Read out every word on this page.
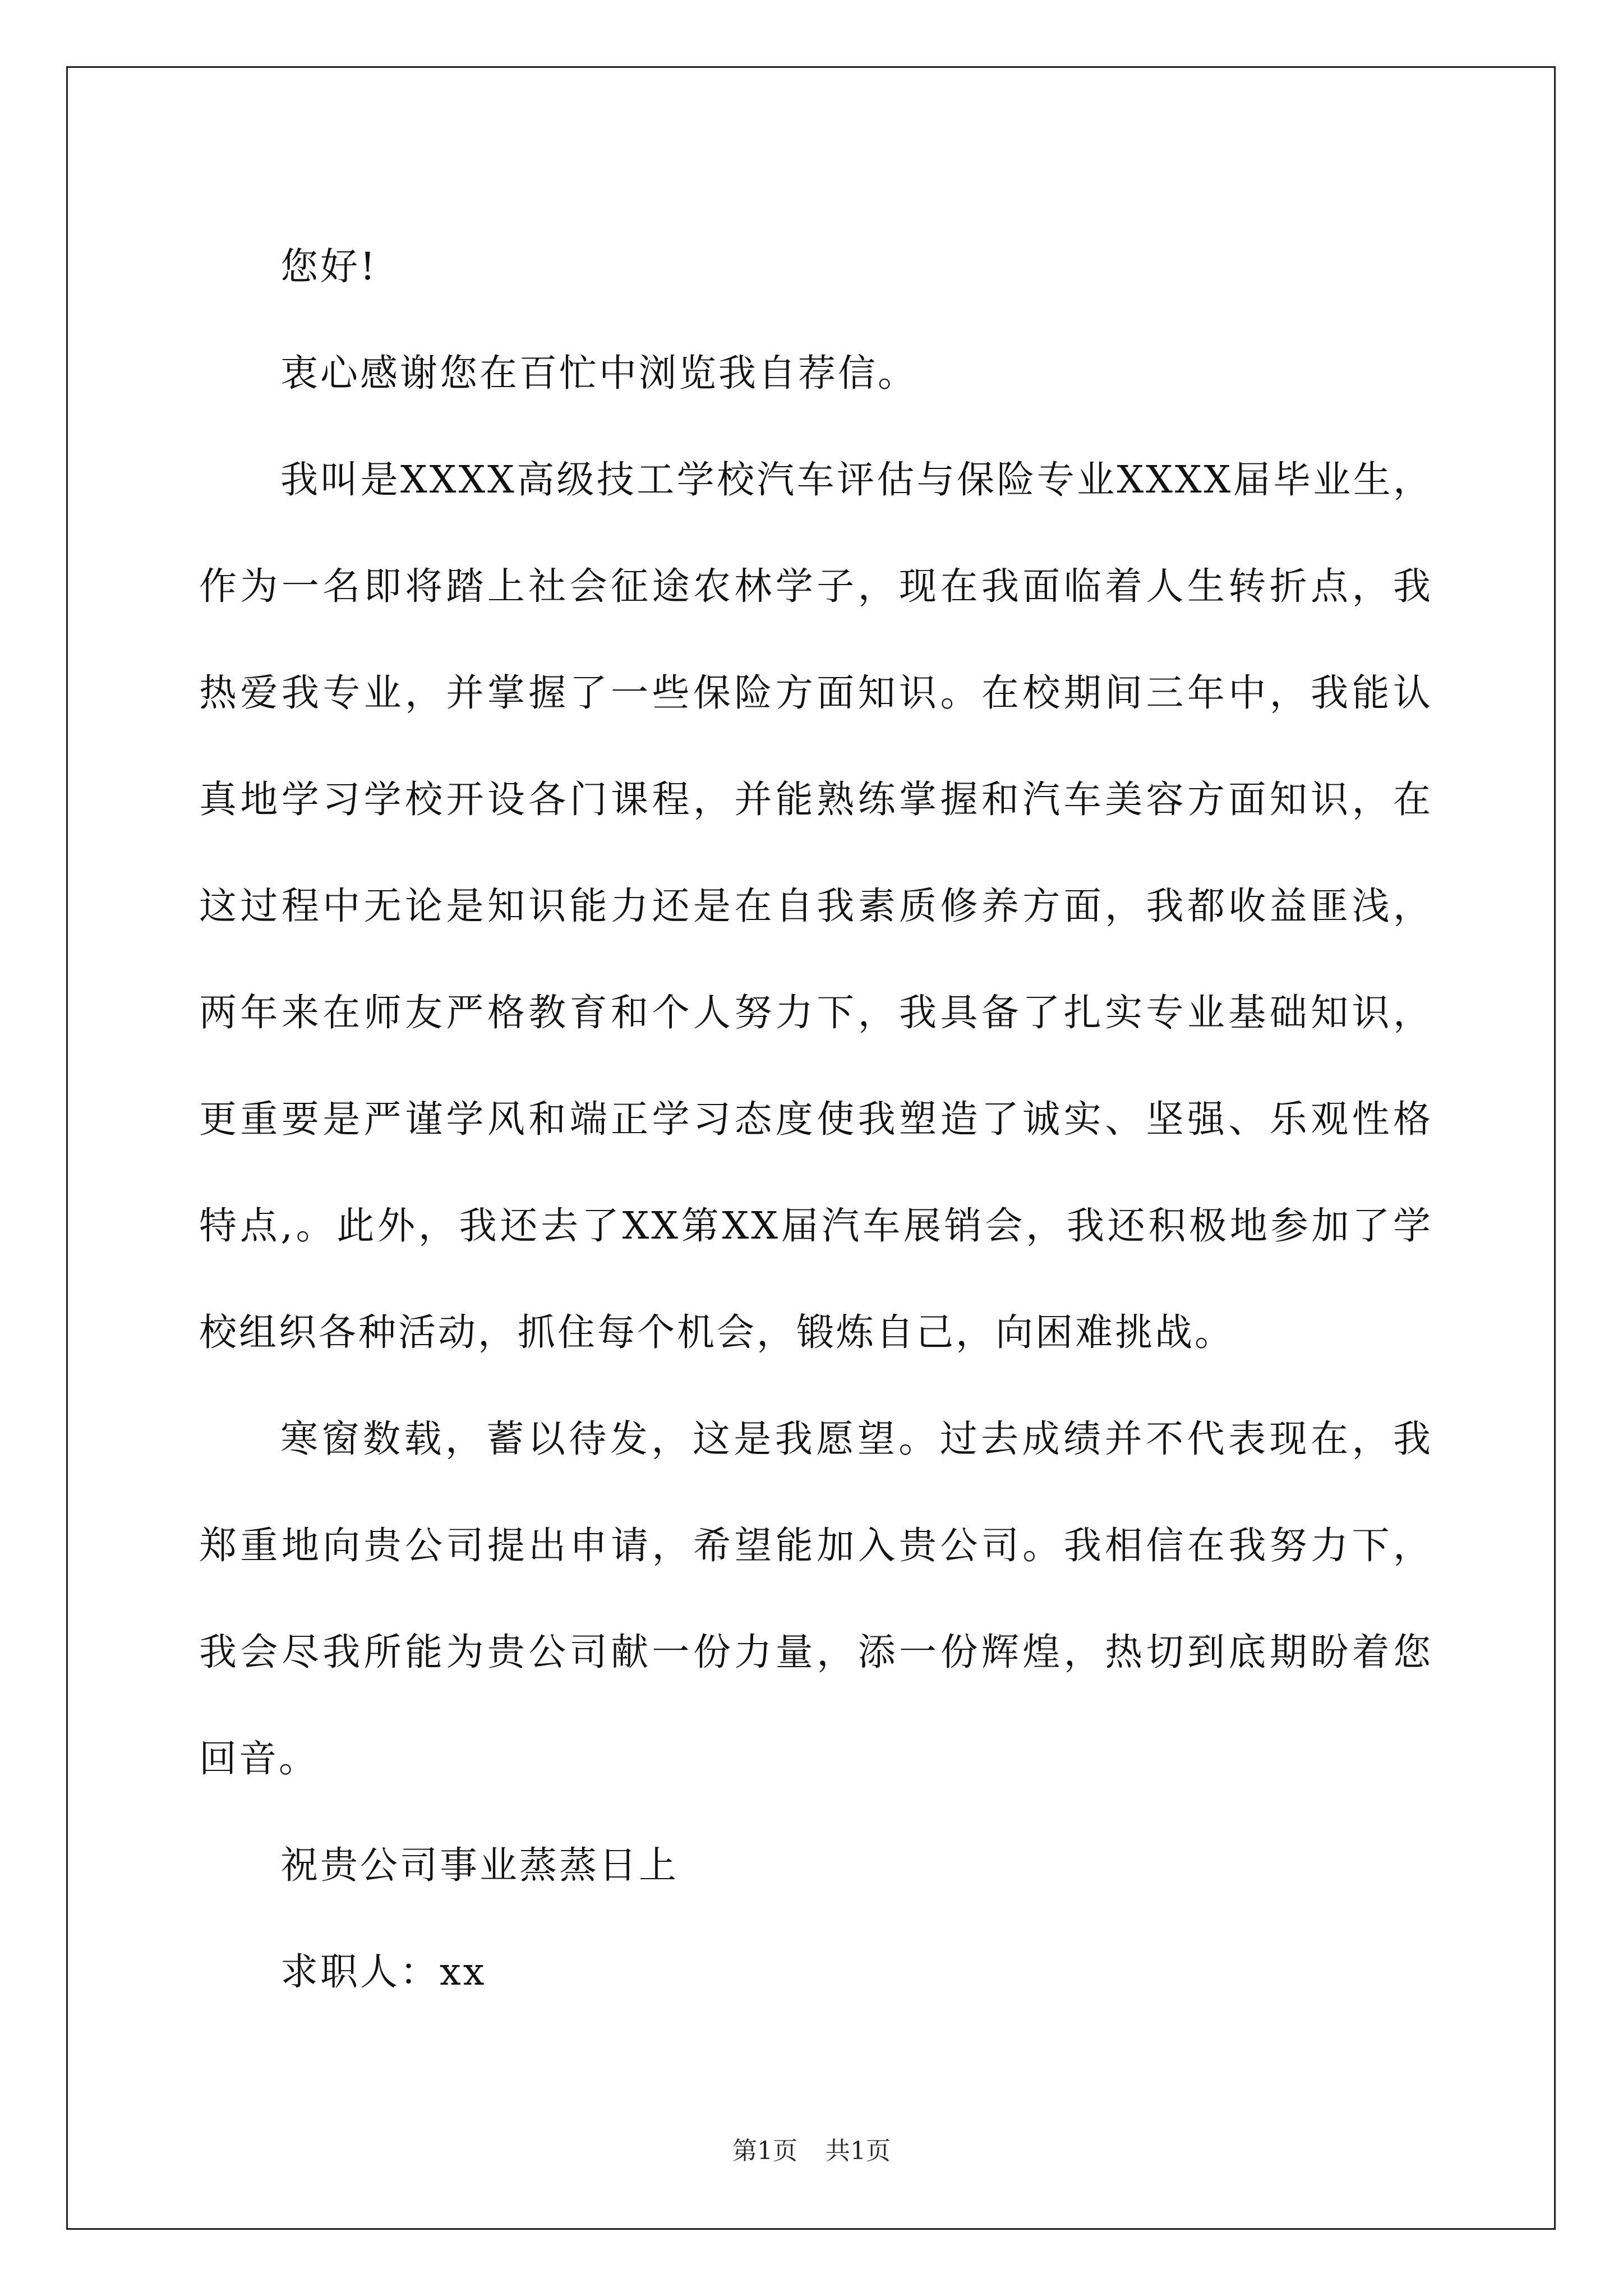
您好!

衷心感谢您在百忙中浏览我自荐信。

我叫是XXXX高级技工学校汽车评估与保险专业XXXX届毕业生，作为一名即将踏上社会征途农林学子，现在我面临着人生转折点，我热爱我专业，并掌握了一些保险方面知识。在校期间三年中，我能认真地学习学校开设各门课程，并能熟练掌握和汽车美容方面知识，在这过程中无论是知识能力还是在自我素质修养方面，我都收益匪浅，两年来在师友严格教育和个人努力下，我具备了扎实专业基础知识，更重要是严谨学风和端正学习态度使我塑造了诚实、坚强、乐观性格特点,。此外，我还去了XX第XX届汽车展销会，我还积极地参加了学校组织各种活动，抓住每个机会，锻炼自己，向困难挑战。

寒窗数载，蓄以待发，这是我愿望。过去成绩并不代表现在，我郑重地向贵公司提出申请，希望能加入贵公司。我相信在我努力下，我会尽我所能为贵公司献一份力量，添一份辉煌，热切到底期盼着您回音。

祝贵公司事业蒸蒸日上

求职人：xx

第1页 共1页
